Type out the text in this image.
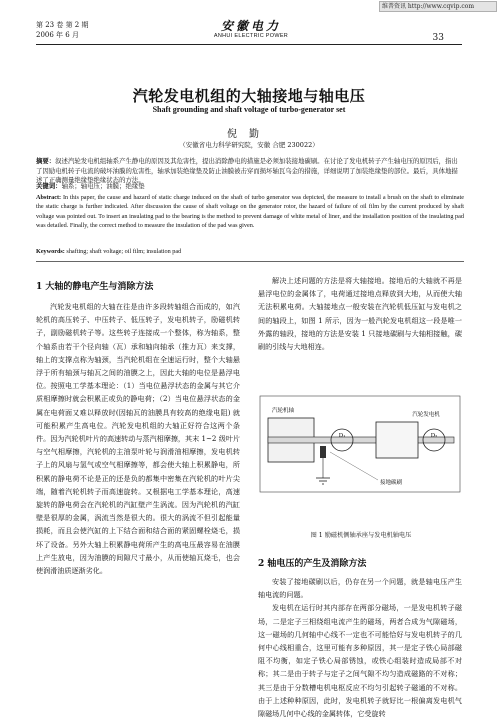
维普资讯 http://www.cqvip.com
第 23 卷 第 2 期
2006 年 6 月
安徽电力
ANHUI ELECTRIC POWER	33
汽轮发电机组的大轴接地与轴电压
Shaft grounding and shaft voltage of turbo-generator set
倪勤
（安徽省电力科学研究院，安徽 合肥 230022）
摘要：叙述汽轮发电机组轴系产生静电的原因及其危害性，提出消除静电的措施是必须加装接地碳刷。在讨论了发电机转子产生轴电压的原因后，指出了因励电机转子电流的破坏油膜的危害性，轴承加装绝缘垫及防止油膜被击穿而损坏轴瓦乌金的措施，详细说明了加装绝缘垫的部位。最后，具体地描述了正确测量绝缘垫绝缘状态的方法。
关键词：轴系；轴电压；油膜；绝缘垫
Abstract: In this paper, the cause and hazard of static charge induced on the shaft of turbo generator was depicted, the measure to install a brush on the shaft to eliminate the static charge is further indicated. After discussion the cause of shaft voltage on the generator rotor, the hazard of failure of oil film by the current produced by shaft voltage was pointed out. To insert an insulating pad to the bearing is the method to prevent damage of white metal of liner, and the installation position of the insulating pad was detailed. Finally, the correct method to measure the insulation of the pad was given.
Keywords: shafting; shaft voltage; oil film; insulation pad
1 大轴的静电产生与消除方法

汽轮发电机组的大轴在往是由许多段转轴组合而成的，如汽轮机的高压转子、中压转子、低压转子，发电机转子，励磁机转子，副励磁机转子等。这些转子连接成一个整体，称为轴系，整个轴系由若干个径向轴（瓦）承和轴向轴承（推力瓦）来支撑，轴上的支撑点称为轴颈，当汽轮机组在全速运行时，整个大轴悬浮于所有轴颈与轴瓦之间的油膜之上，因此大轴的电位是悬浮电位。按照电工学基本理论：（1）当电位悬浮状态的金属与其它介质相摩擦时就会积累正或负的静电荷；（2）当电位悬浮状态的金属在电荷面又难以释放时(因轴瓦的油膜具有较高的绝缘电阻) 就可能积累产生高电位。汽轮发电机组的大轴正好符合这两个条件。因为汽轮机叶片的高速转动与蒸汽相摩擦，其末 1~2 级叶片与空气相摩擦，汽轮机的主油泵叶轮与润滑油相摩擦，发电机转子上的风扇与氢气或空气相摩擦等，都会使大轴上积累静电，所积累的静电荷不论是正的还是负的都集中密集在汽轮机的叶片尖端，随着汽轮机转子而高速旋转。又根据电工学基本理论，高速旋转的静电荷会在汽轮机的汽缸壁产生涡流。因为汽轮机的汽缸壁是很厚的金属，涡流当然是很大的。很大的涡流不但引起能量损耗，而且会使汽缸的上下结合面和结合面的紧固螺栓烧毛，损坏了设备。另外大轴上积累静电荷所产生的高电压最容易在油膜上产生放电，因为油膜的间隙尺寸最小，从而使轴瓦烧毛，也会使润滑油质逐渐劣化。

解决上述问题的方法是将大轴接地。接地后的大轴就不再是悬浮电位的金属体了，电荷通过接地点释放到大地，从而使大轴无法积累电荷。大轴接地点一般安装在汽轮机低压缸与发电机之间的轴段上，如图 1 所示，因为一般汽轮发电机组这一段是唯一外露的轴段，接地的方法是安装 1 只接地碳刷与大轴相接触，碳刷的引线与大地相连。

D₁	D₂
汽轮机轴
汽轮发电机
接地碳刷
图 1 励磁机侧轴承座与发电机轴电压
2 轴电压的产生及消除方法

安装了接地碳刷以后，仍存在另一个问题，就是轴电压产生轴电流的问题。

发电机在运行时其内部存在两部分磁场，一是发电机转子磁场，二是定子三相绕组电流产生的磁场，两者合成为气隙磁场，这一磁场的几何轴中心线不一定也不可能恰好与发电机转子的几何中心线相重合，这里可能有多种原因，其一是定子铁心局部磁阻不均衡，如定子铁心局部锈蚀，或铁心组装时造成局部不对称；其二是由于转子与定子之间气隙不均匀造成磁路的不对称；其三是由于分数槽电机电枢反应不均匀引起转子磁通的不对称。由于上述种种原因，此时，发电机转子就好比一根偏离发电机气隙磁场几何中心线的金属转体，它受旋转
